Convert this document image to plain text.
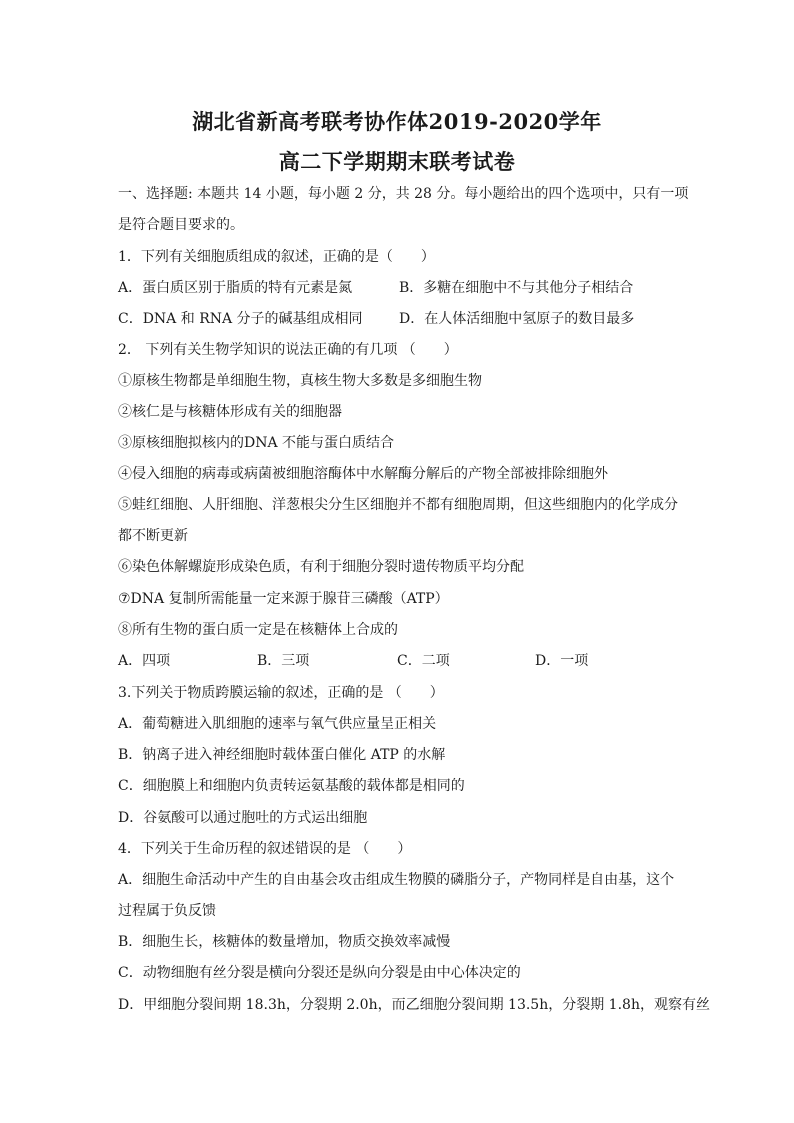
湖北省新高考联考协作体2019-2020学年
高二下学期期末联考试卷
一、选择题: 本题共 14 小题，每小题 2 分，共 28 分。每小题给出的四个选项中，只有一项
是符合题目要求的。
1．下列有关细胞质组成的叙述，正确的是（　　）
A．蛋白质区别于脂质的特有元素是氮	B．多糖在细胞中不与其他分子相结合
C．DNA 和 RNA 分子的碱基组成相同	D．在人体活细胞中氢原子的数目最多
2． 下列有关生物学知识的说法正确的有几项 （　　）
①原核生物都是单细胞生物，真核生物大多数是多细胞生物
②核仁是与核糖体形成有关的细胞器
③原核细胞拟核内的DNA 不能与蛋白质结合
④侵入细胞的病毒或病菌被细胞溶酶体中水解酶分解后的产物全部被排除细胞外
⑤蛙红细胞、人肝细胞、洋葱根尖分生区细胞并不都有细胞周期，但这些细胞内的化学成分
都不断更新
⑥染色体解螺旋形成染色质，有利于细胞分裂时遗传物质平均分配
⑦DNA 复制所需能量一定来源于腺苷三磷酸（ATP）
⑧所有生物的蛋白质一定是在核糖体上合成的
A．四项	B．三项	C．二项	D．一项
3.下列关于物质跨膜运输的叙述，正确的是 （　　）
A．葡萄糖进入肌细胞的速率与氧气供应量呈正相关
B．钠离子进入神经细胞时载体蛋白催化 ATP 的水解
C．细胞膜上和细胞内负责转运氨基酸的载体都是相同的
D．谷氨酸可以通过胞吐的方式运出细胞
4．下列关于生命历程的叙述错误的是 （　　）
A．细胞生命活动中产生的自由基会攻击组成生物膜的磷脂分子，产物同样是自由基，这个
过程属于负反馈
B．细胞生长，核糖体的数量增加，物质交换效率减慢
C．动物细胞有丝分裂是横向分裂还是纵向分裂是由中心体决定的
D．甲细胞分裂间期 18.3h，分裂期 2.0h，而乙细胞分裂间期 13.5h，分裂期 1.8h，观察有丝
